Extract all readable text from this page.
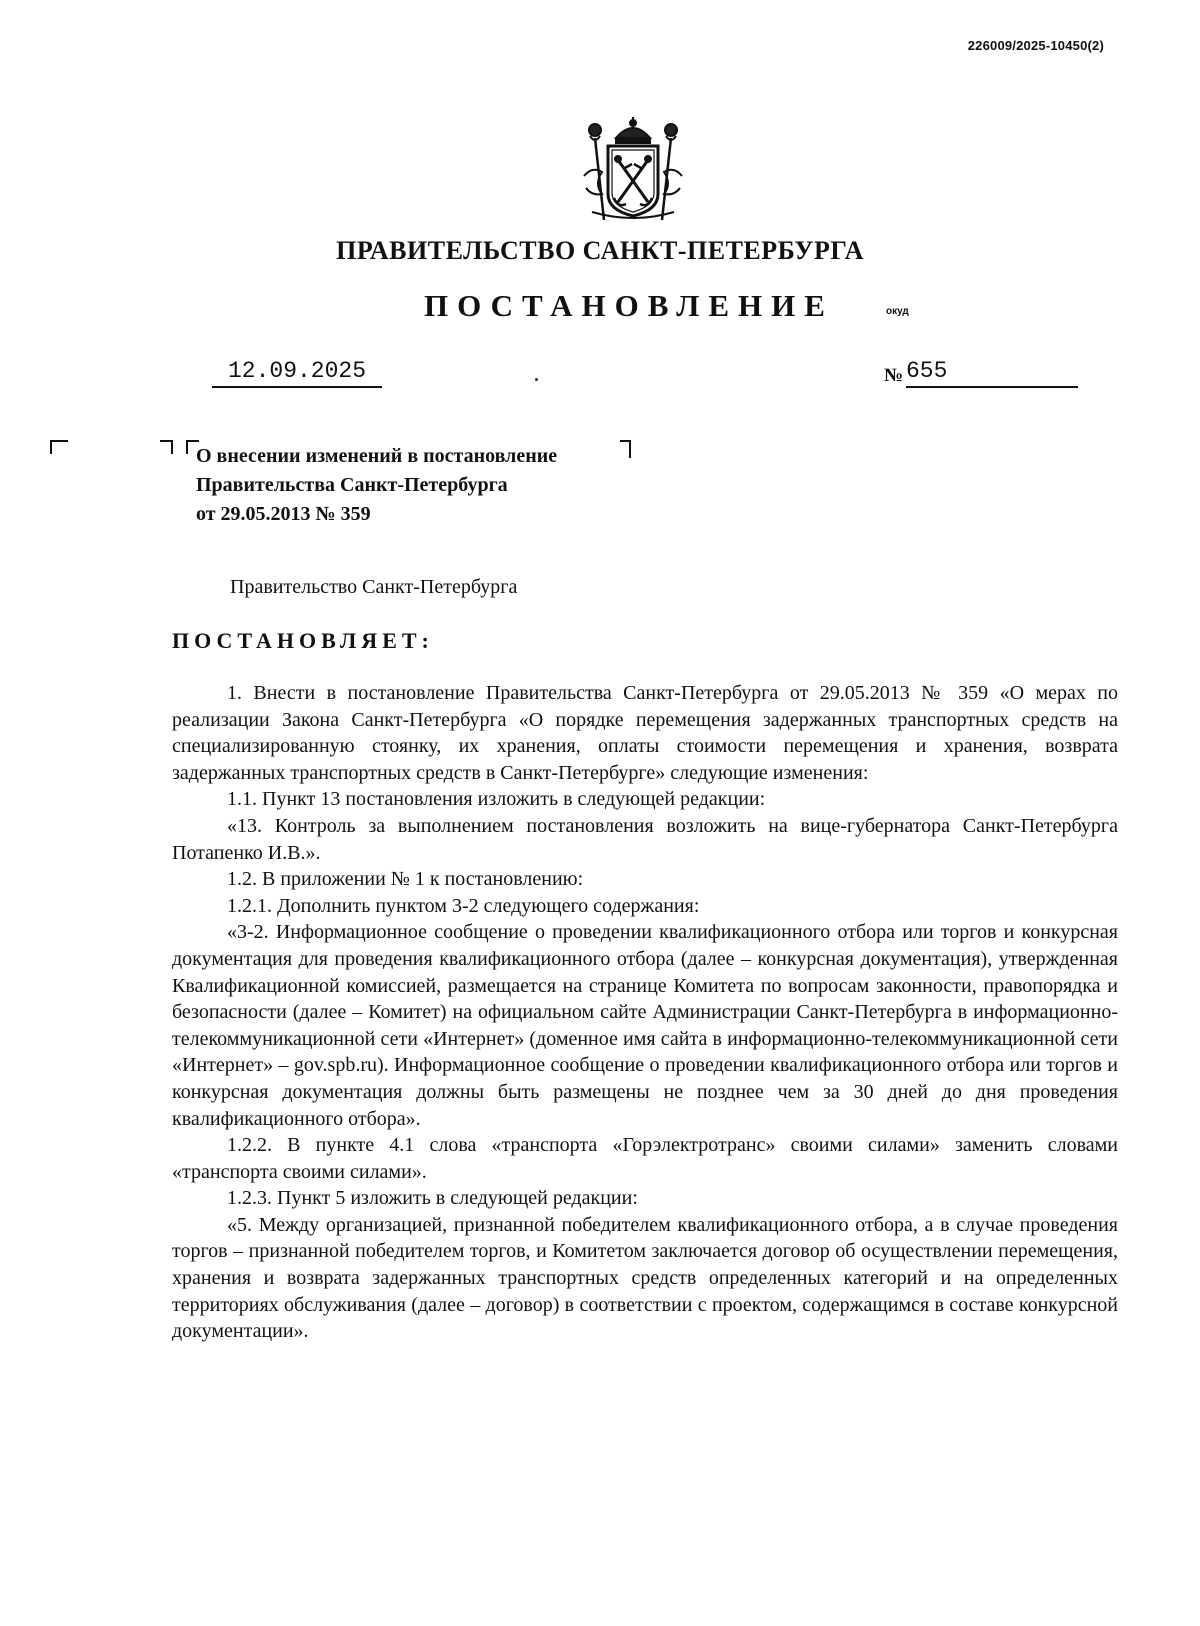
226009/2025-10450(2)
ПРАВИТЕЛЬСТВО САНКТ-ПЕТЕРБУРГА
ПОСТАНОВЛЕНИЕ	окуд
12.09.2025	№ 655
О внесении изменений в постановление
Правительства Санкт-Петербурга
от 29.05.2013 № 359
Правительство Санкт-Петербурга
ПОСТАНОВЛЯЕТ:

1. Внести в постановление Правительства Санкт-Петербурга от 29.05.2013 № 359 «О мерах по реализации Закона Санкт-Петербурга «О порядке перемещения задержанных транспортных средств на специализированную стоянку, их хранения, оплаты стоимости перемещения и хранения, возврата задержанных транспортных средств в Санкт-Петербурге» следующие изменения:

1.1. Пункт 13 постановления изложить в следующей редакции:

«13. Контроль за выполнением постановления возложить на вице-губернатора Санкт-Петербурга Потапенко И.В.».

1.2. В приложении № 1 к постановлению:

1.2.1. Дополнить пунктом 3-2 следующего содержания:

«3-2. Информационное сообщение о проведении квалификационного отбора или торгов и конкурсная документация для проведения квалификационного отбора (далее – конкурсная документация), утвержденная Квалификационной комиссией, размещается на странице Комитета по вопросам законности, правопорядка и безопасности (далее – Комитет) на официальном сайте Администрации Санкт-Петербурга в информационно-телекоммуникационной сети «Интернет» (доменное имя сайта в информационно-телекоммуникационной сети «Интернет» – gov.spb.ru). Информационное сообщение о проведении квалификационного отбора или торгов и конкурсная документация должны быть размещены не позднее чем за 30 дней до дня проведения квалификационного отбора».

1.2.2. В пункте 4.1 слова «транспорта «Горэлектротранс» своими силами» заменить словами «транспорта своими силами».

1.2.3. Пункт 5 изложить в следующей редакции:

«5. Между организацией, признанной победителем квалификационного отбора, а в случае проведения торгов – признанной победителем торгов, и Комитетом заключается договор об осуществлении перемещения, хранения и возврата задержанных транспортных средств определенных категорий и на определенных территориях обслуживания (далее – договор) в соответствии с проектом, содержащимся в составе конкурсной документации».
